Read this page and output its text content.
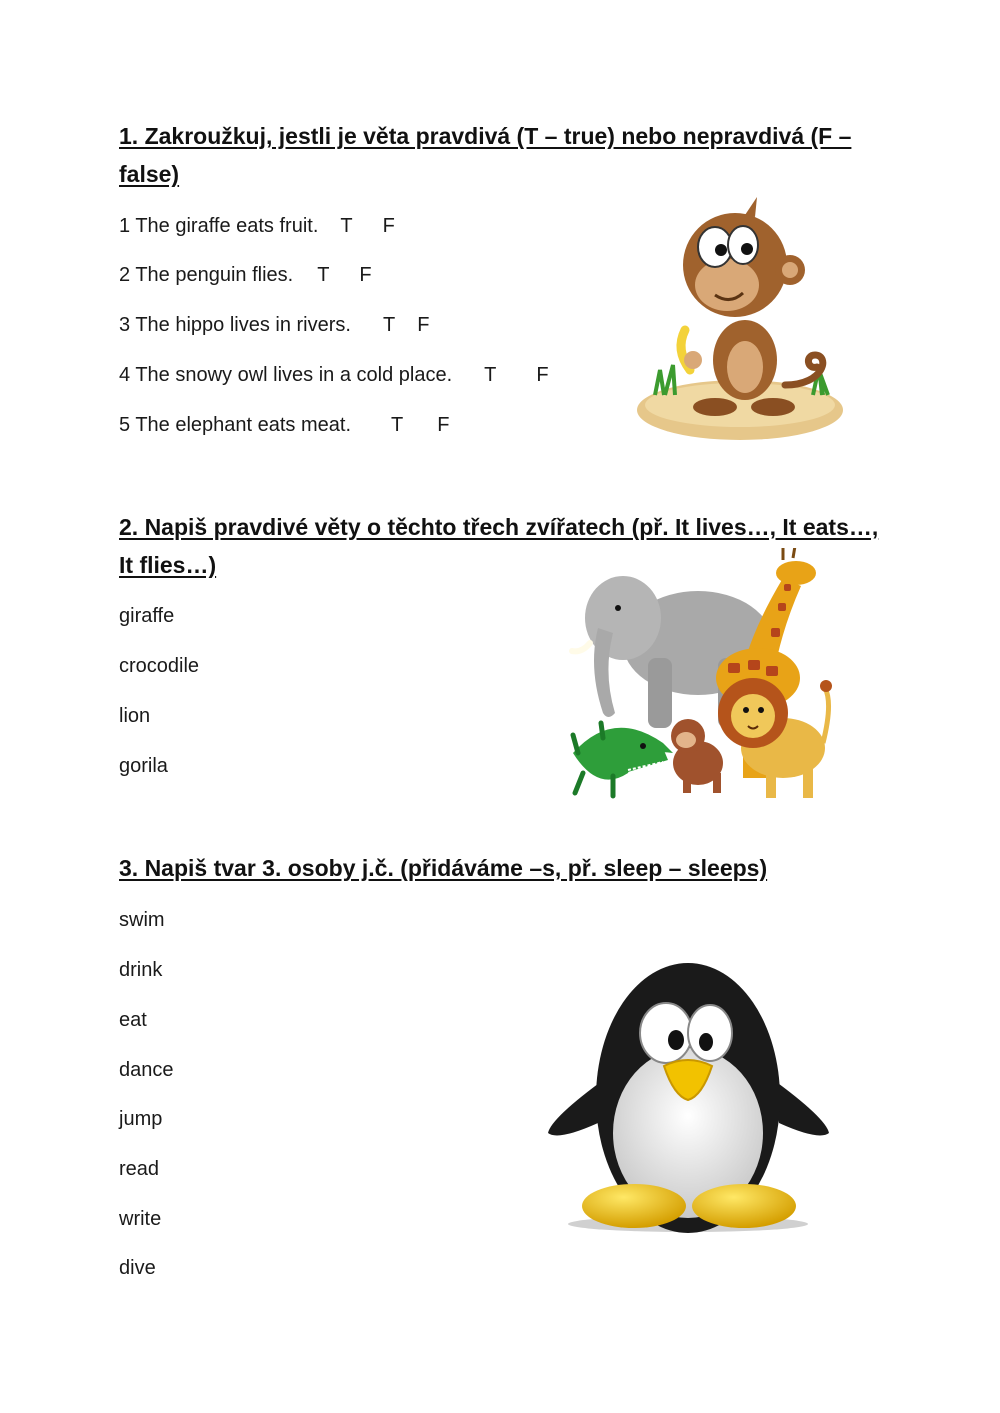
1. Zakroužkuj, jestli je věta pravdivá (T – true) nebo nepravdivá (F – false)
1 The giraffe eats fruit. T F
2 The penguin flies. T F
3 The hippo lives in rivers. T F
4 The snowy owl lives in a cold place. T F
5 The elephant eats meat. T F
2. Napiš pravdivé věty o těchto třech zvířatech (př. It lives…, It eats…, It flies…)
giraffe
crocodile
lion
gorila
3. Napiš tvar 3. osoby j.č. (přidáváme –s, př. sleep – sleeps)
swim
drink
eat
dance
jump
read
write
dive
